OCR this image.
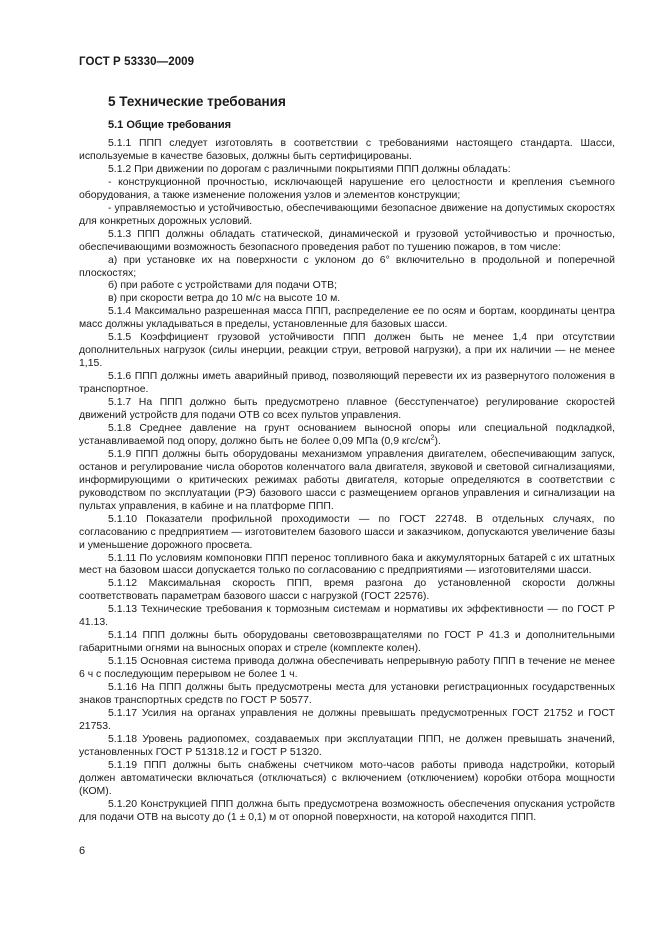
ГОСТ Р 53330—2009
5 Технические требования
5.1 Общие требования

5.1.1 ППП следует изготовлять в соответствии с требованиями настоящего стандарта. Шасси, используемые в качестве базовых, должны быть сертифицированы.

5.1.2 При движении по дорогам с различными покрытиями ППП должны обладать:

- конструкционной прочностью, исключающей нарушение его целостности и крепления съемного оборудования, а также изменение положения узлов и элементов конструкции;

- управляемостью и устойчивостью, обеспечивающими безопасное движение на допустимых скоростях для конкретных дорожных условий.

5.1.3 ППП должны обладать статической, динамической и грузовой устойчивостью и прочностью, обеспечивающими возможность безопасного проведения работ по тушению пожаров, в том числе:

а) при установке их на поверхности с уклоном до 6° включительно в продольной и поперечной плоскостях;

б) при работе с устройствами для подачи ОТВ;

в) при скорости ветра до 10 м/с на высоте 10 м.

5.1.4 Максимально разрешенная масса ППП, распределение ее по осям и бортам, координаты центра масс должны укладываться в пределы, установленные для базовых шасси.

5.1.5 Коэффициент грузовой устойчивости ППП должен быть не менее 1,4 при отсутствии дополнительных нагрузок (силы инерции, реакции струи, ветровой нагрузки), а при их наличии — не менее 1,15.

5.1.6 ППП должны иметь аварийный привод, позволяющий перевести их из развернутого положения в транспортное.

5.1.7 На ППП должно быть предусмотрено плавное (бесступенчатое) регулирование скоростей движений устройств для подачи ОТВ со всех пультов управления.

5.1.8 Среднее давление на грунт основанием выносной опоры или специальной подкладкой, устанавливаемой под опору, должно быть не более 0,09 МПа (0,9 кгс/$см^2$).

5.1.9 ППП должны быть оборудованы механизмом управления двигателем, обеспечивающим запуск, останов и регулирование числа оборотов коленчатого вала двигателя, звуковой и световой сигнализациями, информирующими о критических режимах работы двигателя, которые определяются в соответствии с руководством по эксплуатации (РЭ) базового шасси с размещением органов управления и сигнализации на пультах управления, в кабине и на платформе ППП.

5.1.10 Показатели профильной проходимости — по ГОСТ 22748. В отдельных случаях, по согласованию с предприятием — изготовителем базового шасси и заказчиком, допускаются увеличение базы и уменьшение дорожного просвета.

5.1.11 По условиям компоновки ППП перенос топливного бака и аккумуляторных батарей с их штатных мест на базовом шасси допускается только по согласованию с предприятиями — изготовителями шасси.

5.1.12 Максимальная скорость ППП, время разгона до установленной скорости должны соответствовать параметрам базового шасси с нагрузкой (ГОСТ 22576).

5.1.13 Технические требования к тормозным системам и нормативы их эффективности — по ГОСТ Р 41.13.

5.1.14 ППП должны быть оборудованы световозвращателями по ГОСТ Р 41.3 и дополнительными габаритными огнями на выносных опорах и стреле (комплекте колен).

5.1.15 Основная система привода должна обеспечивать непрерывную работу ППП в течение не менее 6 ч с последующим перерывом не более 1 ч.

5.1.16 На ППП должны быть предусмотрены места для установки регистрационных государственных знаков транспортных средств по ГОСТ Р 50577.

5.1.17 Усилия на органах управления не должны превышать предусмотренных ГОСТ 21752 и ГОСТ 21753.

5.1.18 Уровень радиопомех, создаваемых при эксплуатации ППП, не должен превышать значений, установленных ГОСТ Р 51318.12 и ГОСТ Р 51320.

5.1.19 ППП должны быть снабжены счетчиком мото-часов работы привода надстройки, который должен автоматически включаться (отключаться) с включением (отключением) коробки отбора мощности (КОМ).

5.1.20 Конструкцией ППП должна быть предусмотрена возможность обеспечения опускания устройств для подачи ОТВ на высоту до (1 ± 0,1) м от опорной поверхности, на которой находится ППП.

6
